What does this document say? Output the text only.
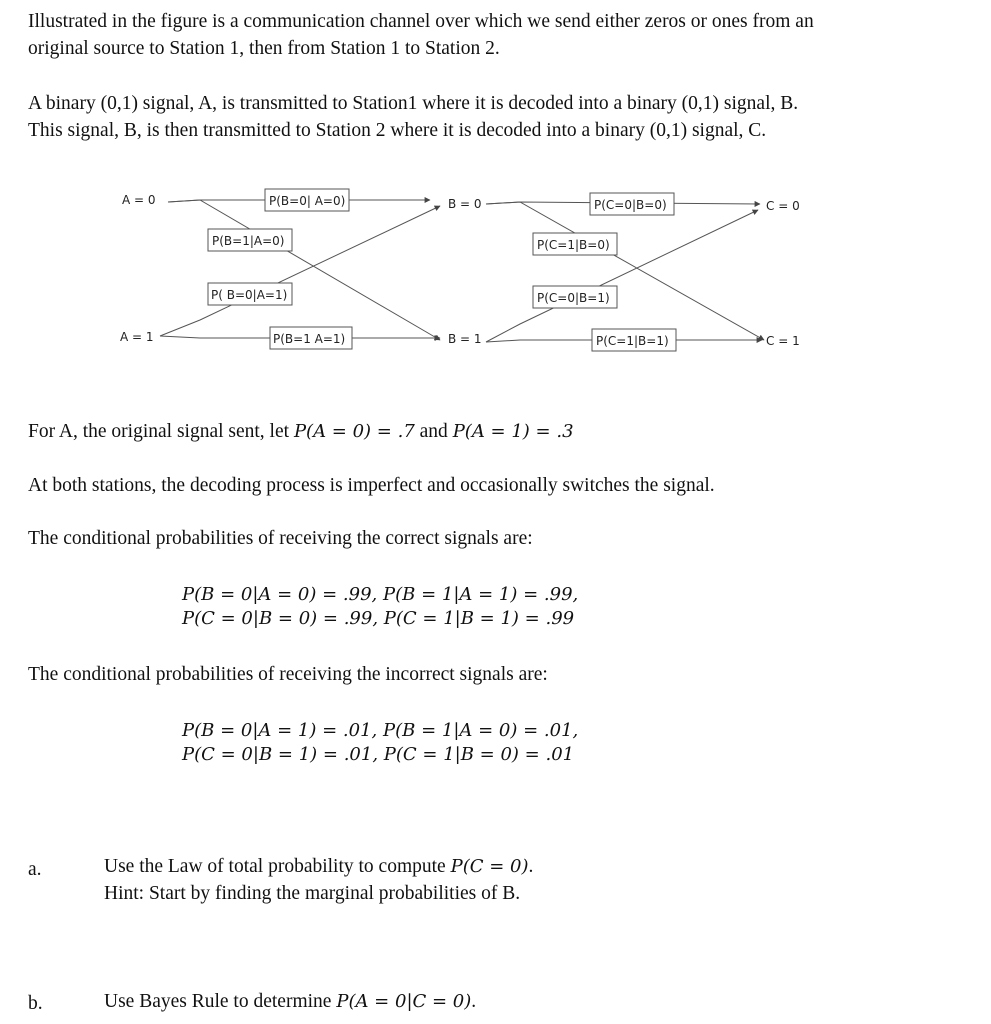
Illustrated in the figure is a communication channel over which we send either zeros or ones from an
original source to Station 1, then from Station 1 to Station 2.
A binary (0,1) signal, A, is transmitted to Station1 where it is decoded into a binary (0,1) signal, B.
This signal, B, is then transmitted to Station 2 where it is decoded into a binary (0,1) signal, C.
A = 0
A = 1
B = 0
B = 1
C = 0
C = 1
P(B=0| A=0)
P(B=1|A=0)
P( B=0|A=1)
P(B=1 A=1)
P(C=0|B=0)
P(C=1|B=0)
P(C=0|B=1)
P(C=1|B=1)
For A, the original signal sent, let P(A = 0) = .7 and P(A = 1) = .3
At both stations, the decoding process is imperfect and occasionally switches the signal.
The conditional probabilities of receiving the correct signals are:
P(B = 0|A = 0) = .99, P(B = 1|A = 1) = .99,
P(C = 0|B = 0) = .99, P(C = 1|B = 1) = .99
The conditional probabilities of receiving the incorrect signals are:
P(B = 0|A = 1) = .01, P(B = 1|A = 0) = .01,
P(C = 0|B = 1) = .01, P(C = 1|B = 0) = .01
a.	Use the Law of total probability to compute P(C = 0).
Hint: Start by finding the marginal probabilities of B.
b.	Use Bayes Rule to determine P(A = 0|C = 0).
